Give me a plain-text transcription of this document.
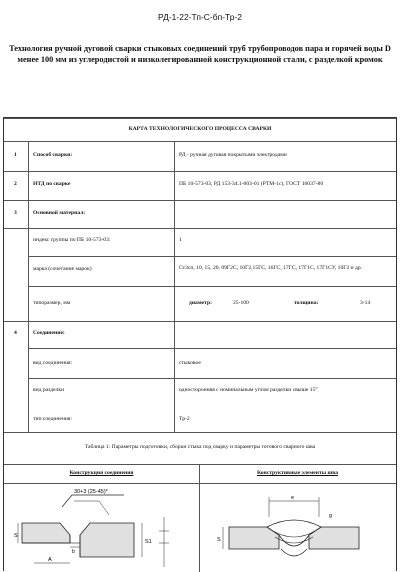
РД-1-22-Тп-С-бп-Тр-2
Технология ручной дуговой сварки стыковых соединений труб трубопроводов пара и горячей воды D менее 100 мм из углеродистой и низколегированной конструкционной стали, с разделкой кромок
КАРТА ТЕХНОЛОГИЧЕСКОГО ПРОЦЕССА СВАРКИ
1	Способ сварки:	РД - ручная дуговая покрытыми электродами
2	НТД по сварке	ПБ 10-573-03, РД 153-34.1-003-01 (РТМ-1с), ГОСТ 16037-80
3	Основной материал:
индекс группы по ПБ 10-573-03:	1
марка (сочетание марок)	Ст3сп, 10, 15, 20, 09Г2С, 10Г2,15ГС, 16ГС, 17ГС, 17Г1С, 17Г1СУ, 10Г2 и др.
типоразмер, мм	диаметр:	25-100	толщина:	3-14
4	Соединение:
вид соединения:	стыковое
вид разделки	односторонняя с номинальным углом разделки свыше 15°
тип соединения:	Тр-2
Таблица 1: Параметры подготовки, сборки стыка под сварку и параметры готового сварного шва
Конструкция соединения	Конструктивные элементы шва
30+3 (25-45)*
S
S1
A
b
e
g
S
